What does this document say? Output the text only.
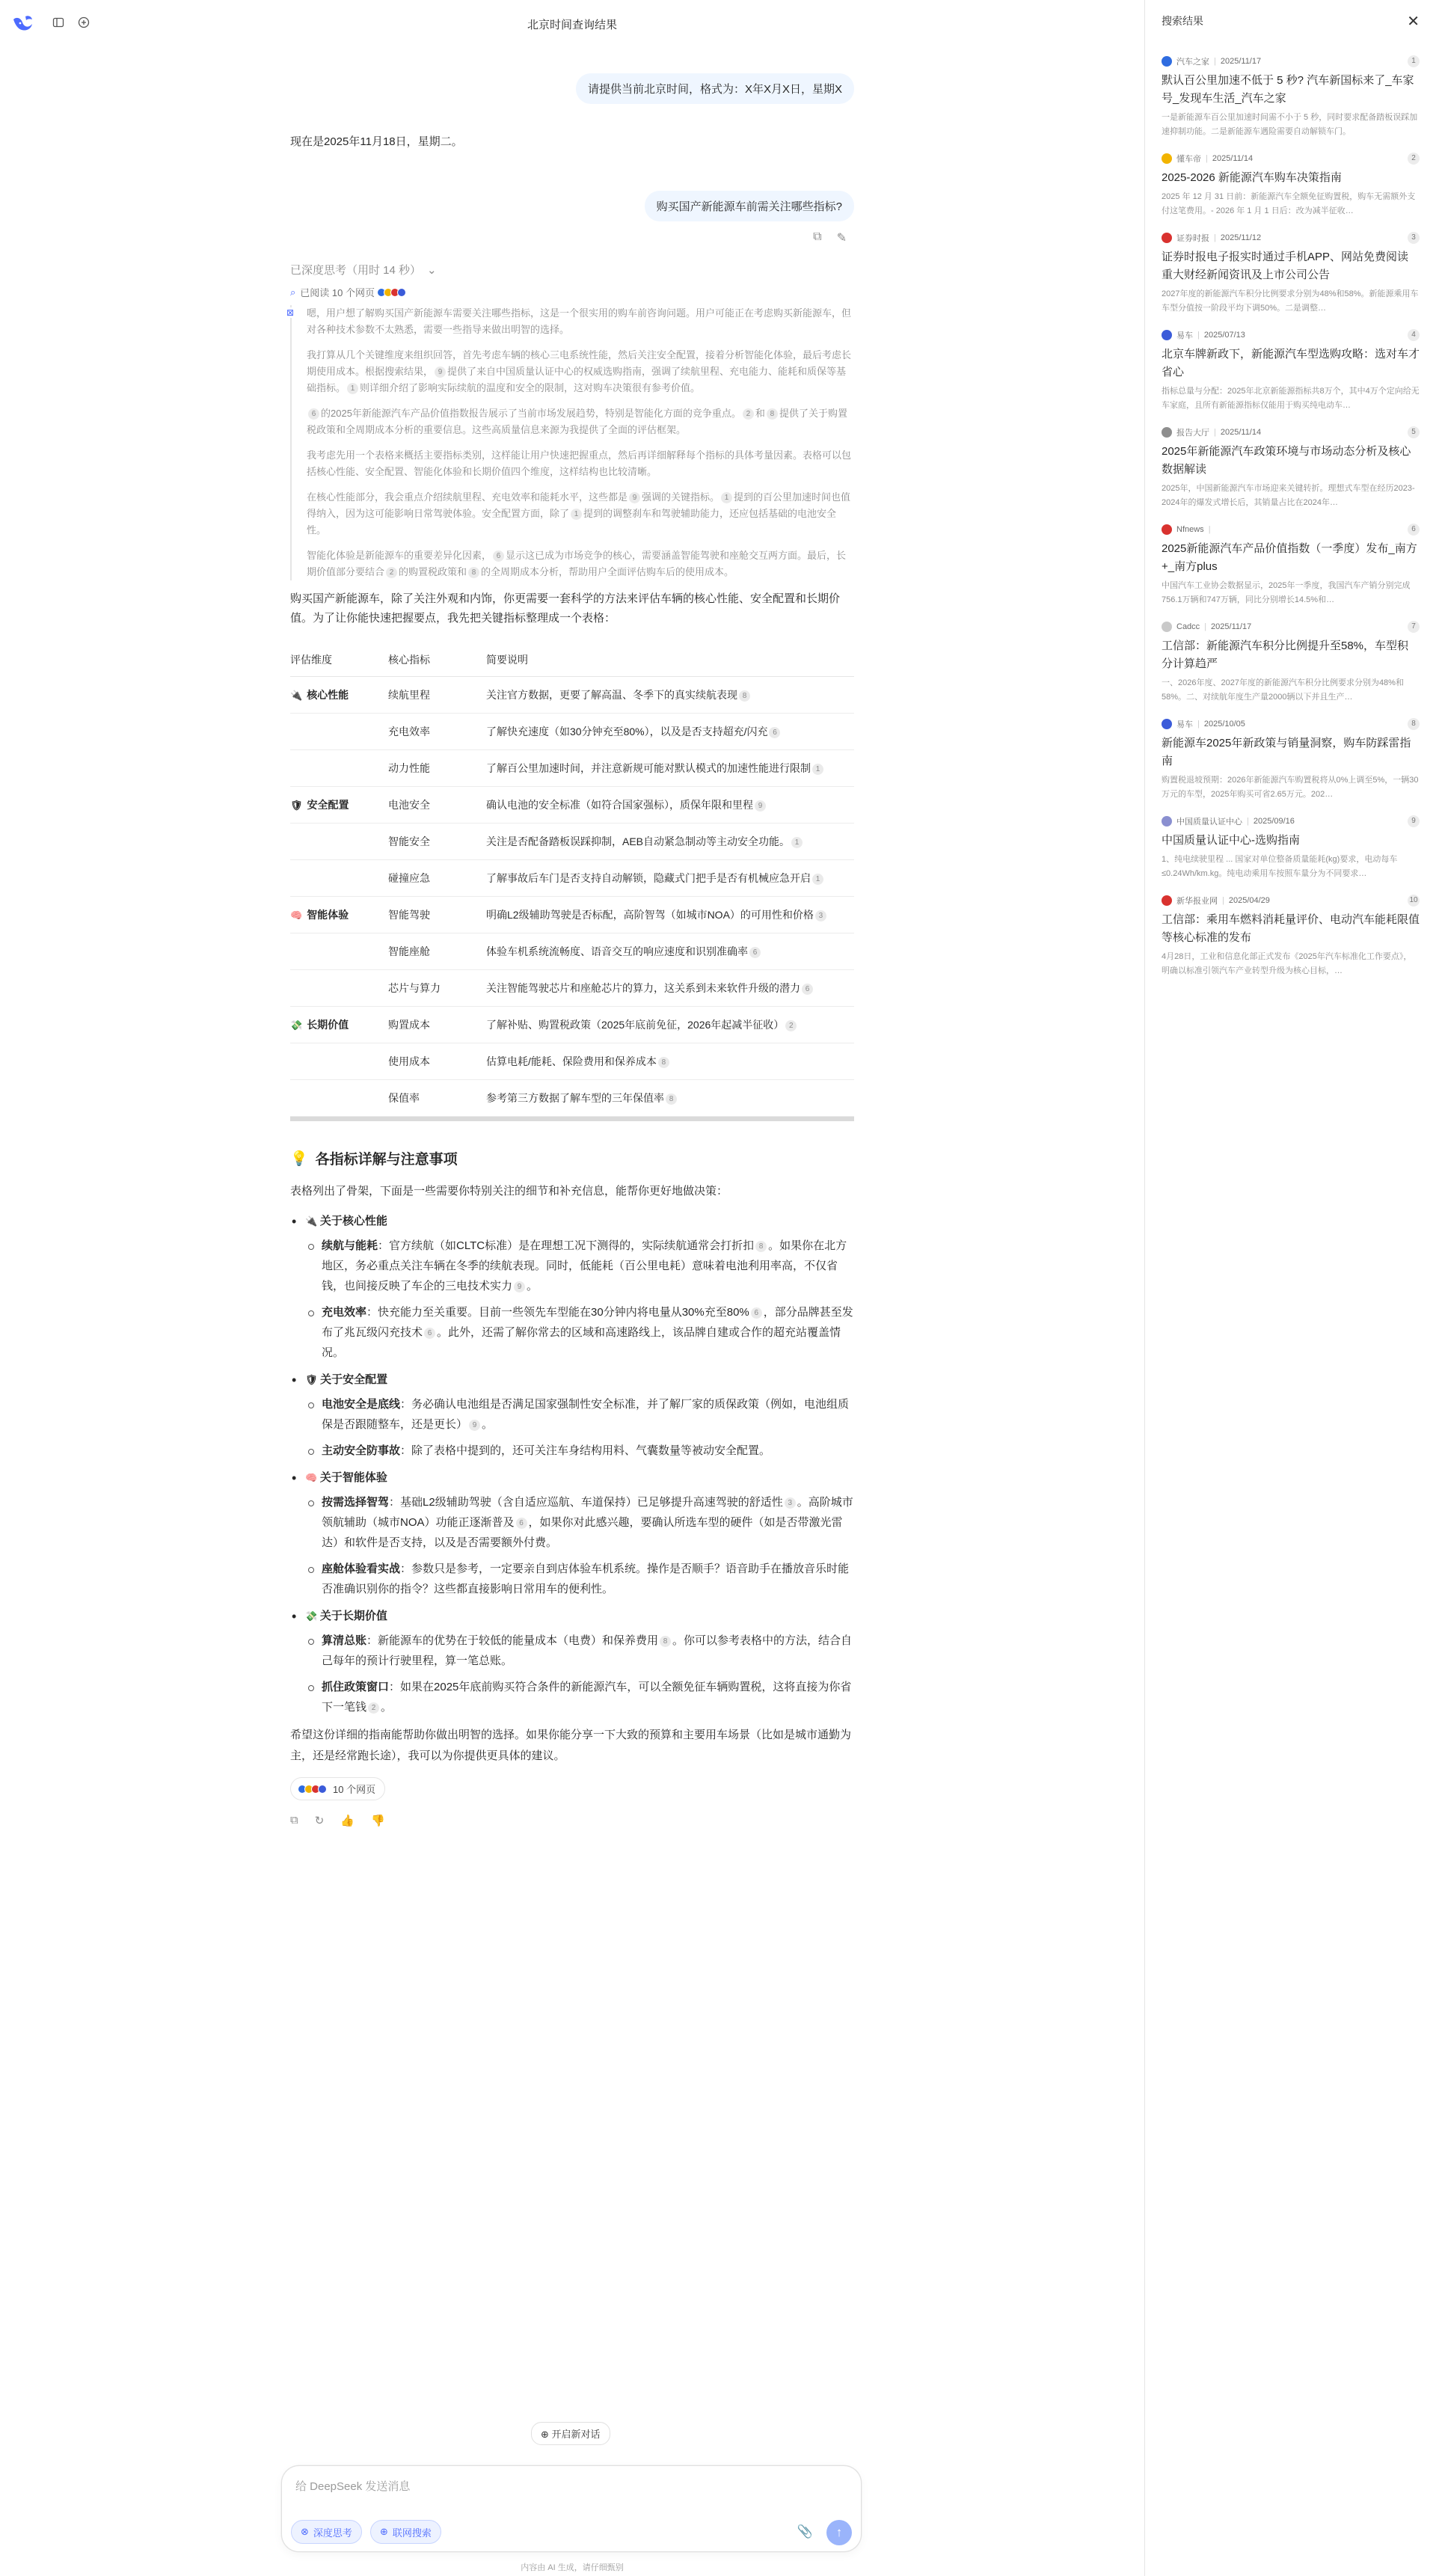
北京时间查询结果
请提供当前北京时间，格式为：X年X月X日，星期X
现在是2025年11月18日，星期二。
购买国产新能源车前需关注哪些指标?
⧉ ✎
已深度思考（用时 14 秒） ⌄
⌕ 已阅读 10 个网页
⊠ 嗯，用户想了解购买国产新能源车需要关注哪些指标，这是一个很实用的购车前咨询问题。用户可能正在考虑购买新能源车，但对各种技术参数不太熟悉，需要一些指导来做出明智的选择。

我打算从几个关键维度来组织回答，首先考虑车辆的核心三电系统性能，然后关注安全配置，接着分析智能化体验，最后考虑长期使用成本。根据搜索结果， 9 提供了来自中国质量认证中心的权威选购指南，强调了续航里程、充电能力、能耗和质保等基础指标。 1 则详细介绍了影响实际续航的温度和安全的限制，这对购车决策很有参考价值。

6 的2025年新能源汽车产品价值指数报告展示了当前市场发展趋势，特别是智能化方面的竞争重点。 2 和 8 提供了关于购置税政策和全周期成本分析的重要信息。这些高质量信息来源为我提供了全面的评估框架。

我考虑先用一个表格来概括主要指标类别，这样能让用户快速把握重点，然后再详细解释每个指标的具体考量因素。表格可以包括核心性能、安全配置、智能化体验和长期价值四个维度，这样结构也比较清晰。

在核心性能部分，我会重点介绍续航里程、充电效率和能耗水平，这些都是 9 强调的关键指标。 1 提到的百公里加速时间也值得纳入，因为这可能影响日常驾驶体验。安全配置方面，除了 1 提到的调整刹车和驾驶辅助能力，还应包括基础的电池安全性。

智能化体验是新能源车的重要差异化因素， 6 显示这已成为市场竞争的核心，需要涵盖智能驾驶和座舱交互两方面。最后，长期价值部分要结合 2 的购置税政策和 8 的全周期成本分析，帮助用户全面评估购车后的使用成本。

购买国产新能源车，除了关注外观和内饰，你更需要一套科学的方法来评估车辆的核心性能、安全配置和长期价值。为了让你能快速把握要点，我先把关键指标整理成一个表格：
评估维度	核心指标	简要说明
🔌 核心性能	续航里程	关注官方数据，更要了解高温、冬季下的真实续航表现 8
	充电效率	了解快充速度（如30分钟充至80%），以及是否支持超充/闪充 6
	动力性能	了解百公里加速时间，并注意新规可能对默认模式的加速性能进行限制 1
🛡 安全配置	电池安全	确认电池的安全标准（如符合国家强标），质保年限和里程 9
	智能安全	关注是否配备踏板误踩抑制，AEB自动紧急制动等主动安全功能。 1
	碰撞应急	了解事故后车门是否支持自动解锁，隐藏式门把手是否有机械应急开启 1
🧠 智能体验	智能驾驶	明确L2级辅助驾驶是否标配，高阶智驾（如城市NOA）的可用性和价格 3
	智能座舱	体验车机系统流畅度、语音交互的响应速度和识别准确率 6
	芯片与算力	关注智能驾驶芯片和座舱芯片的算力，这关系到未来软件升级的潜力 6
💸 长期价值	购置成本	了解补贴、购置税政策（2025年底前免征，2026年起减半征收） 2
	使用成本	估算电耗/能耗、保险费用和保养成本 8
	保值率	参考第三方数据了解车型的三年保值率 8
💡 各指标详解与注意事项
表格列出了骨架，下面是一些需要你特别关注的细节和补充信息，能帮你更好地做决策：
• 🔌 关于核心性能
续航与能耗：官方续航（如CLTC标准）是在理想工况下测得的，实际续航通常会打折扣 8 。如果你在北方地区，务必重点关注车辆在冬季的续航表现。同时，低能耗（百公里电耗）意味着电池利用率高，不仅省钱，也间接反映了车企的三电技术实力 9 。
充电效率：快充能力至关重要。目前一些领先车型能在30分钟内将电量从30%充至80% 6 ，部分品牌甚至发布了兆瓦级闪充技术 6 。此外，还需了解你常去的区域和高速路线上，该品牌自建或合作的超充站覆盖情况。
• 🛡 关于安全配置
电池安全是底线：务必确认电池组是否满足国家强制性安全标准，并了解厂家的质保政策（例如，电池组质保是否跟随整车，还是更长） 9 。
主动安全防事故：除了表格中提到的，还可关注车身结构用料、气囊数量等被动安全配置。
• 🧠 关于智能体验
按需选择智驾：基础L2级辅助驾驶（含自适应巡航、车道保持）已足够提升高速驾驶的舒适性 3 。高阶城市领航辅助（城市NOA）功能正逐渐普及 6 ，如果你对此感兴趣，要确认所选车型的硬件（如是否带激光雷达）和软件是否支持，以及是否需要额外付费。
座舱体验看实战：参数只是参考，一定要亲自到店体验车机系统。操作是否顺手？语音助手在播放音乐时能否准确识别你的指令？这些都直接影响日常用车的便利性。
• 💸 关于长期价值
算清总账：新能源车的优势在于较低的能量成本（电费）和保养费用 8 。你可以参考表格中的方法，结合自己每年的预计行驶里程，算一笔总账。
抓住政策窗口：如果在2025年底前购买符合条件的新能源汽车，可以全额免征车辆购置税，这将直接为你省下一笔钱 2 。
希望这份详细的指南能帮助你做出明智的选择。如果你能分享一下大致的预算和主要用车场景（比如是城市通勤为主，还是经常跑长途），我可以为你提供更具体的建议。
10 个网页
⧉ ↻ 👍 👎
⊕ 开启新对话
给 DeepSeek 发送消息
⊗ 深度思考	⊕ 联网搜索	📎	↑
内容由 AI 生成，请仔细甄别
搜索结果	✕
汽车之家 | 2025/11/17	1
默认百公里加速不低于 5 秒? 汽车新国标来了_车家号_发现车生活_汽车之家
一是新能源车百公里加速时间需不小于 5 秒，同时要求配备踏板误踩加速抑制功能。二是新能源车遇险需要自动解锁车门。
懂车帝 | 2025/11/14	2
2025-2026 新能源汽车购车决策指南
2025 年 12 月 31 日前：新能源汽车全额免征购置税，购车无需额外支付这笔费用。- 2026 年 1 月 1 日后：改为减半征收…
证券时报 | 2025/11/12	3
证券时报电子报实时通过手机APP、网站免费阅读重大财经新闻资讯及上市公司公告
2027年度的新能源汽车积分比例要求分别为48%和58%。新能源乘用车车型分值按一阶段平均下调50%。二是调整…
易车 | 2025/07/13	4
北京车牌新政下，新能源汽车型选购攻略：选对车才省心
指标总量与分配：2025年北京新能源指标共8万个，其中4万个定向给无车家庭，且所有新能源指标仅能用于购买纯电动车…
报告大厅 | 2025/11/14	5
2025年新能源汽车政策环境与市场动态分析及核心数据解读
2025年，中国新能源汽车市场迎来关键转折。理想式车型在经历2023-2024年的爆发式增长后，其销量占比在2024年…
Nfnews |	6
2025新能源汽车产品价值指数（一季度）发布_南方+_南方plus
中国汽车工业协会数据显示，2025年一季度，我国汽车产销分别完成756.1万辆和747万辆，同比分别增长14.5%和…
Cadcc | 2025/11/17	7
工信部：新能源汽车积分比例提升至58%，车型积分计算趋严
一、2026年度、2027年度的新能源汽车积分比例要求分别为48%和58%。二、对续航年度生产量2000辆以下并且生产…
易车 | 2025/10/05	8
新能源车2025年新政策与销量洞察，购车防踩雷指南
购置税退坡预期：2026年新能源汽车购置税将从0%上调至5%，一辆30万元的车型，2025年购买可省2.65万元。202…
中国质量认证中心 | 2025/09/16	9
中国质量认证中心-选购指南
1、纯电续驶里程 ... 国家对单位整备质量能耗(kg)要求，电动每车≤0.24Wh/km.kg。纯电动乘用车按照车量分为不同要求…
新华报业网 | 2025/04/29	10
工信部：乘用车燃料消耗量评价、电动汽车能耗限值等核心标准的发布
4月28日，工业和信息化部正式发布《2025年汽车标准化工作要点》，明确以标准引领汽车产业转型升级为核心目标，…
